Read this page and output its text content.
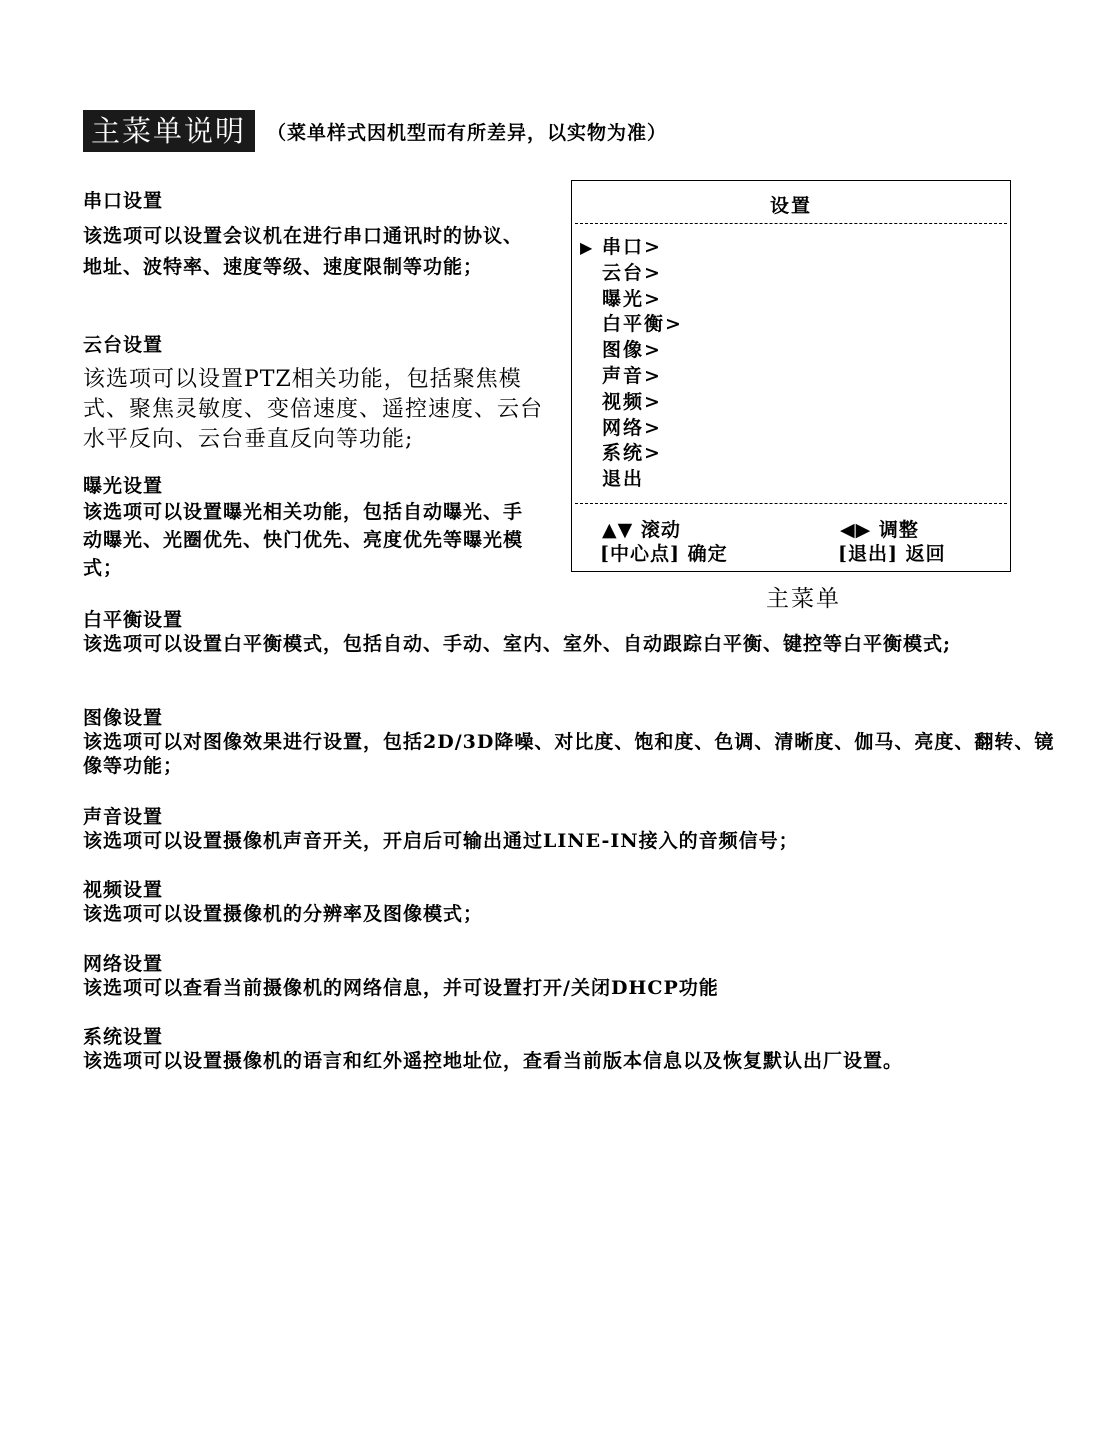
主菜单说明	（菜单样式因机型而有所差异，以实物为准）
串口设置
该选项可以设置会议机在进行串口通讯时的协议、地址、波特率、速度等级、速度限制等功能；
云台设置
该选项可以设置PTZ相关功能，包括聚焦模式、聚焦灵敏度、变倍速度、遥控速度、云台水平反向、云台垂直反向等功能;
曝光设置
该选项可以设置曝光相关功能，包括自动曝光、手动曝光、光圈优先、快门优先、亮度优先等曝光模式；
白平衡设置
该选项可以设置白平衡模式，包括自动、手动、室内、室外、自动跟踪白平衡、键控等白平衡模式;
图像设置
该选项可以对图像效果进行设置，包括2D/3D降噪、对比度、饱和度、色调、清晰度、伽马、亮度、翻转、镜像等功能；
声音设置
该选项可以设置摄像机声音开关，开启后可输出通过LINE-IN接入的音频信号；
视频设置
该选项可以设置摄像机的分辨率及图像模式；
网络设置
该选项可以查看当前摄像机的网络信息，并可设置打开/关闭DHCP功能
系统设置
该选项可以设置摄像机的语言和红外遥控地址位，查看当前版本信息以及恢复默认出厂设置。
设置
▶ 串口>
云台>
曝光>
白平衡>
图像>
声音>
视频>
网络>
系统>
退出
▲▼ 滚动	◀▶ 调整
[中心点] 确定	[退出] 返回
主菜单
